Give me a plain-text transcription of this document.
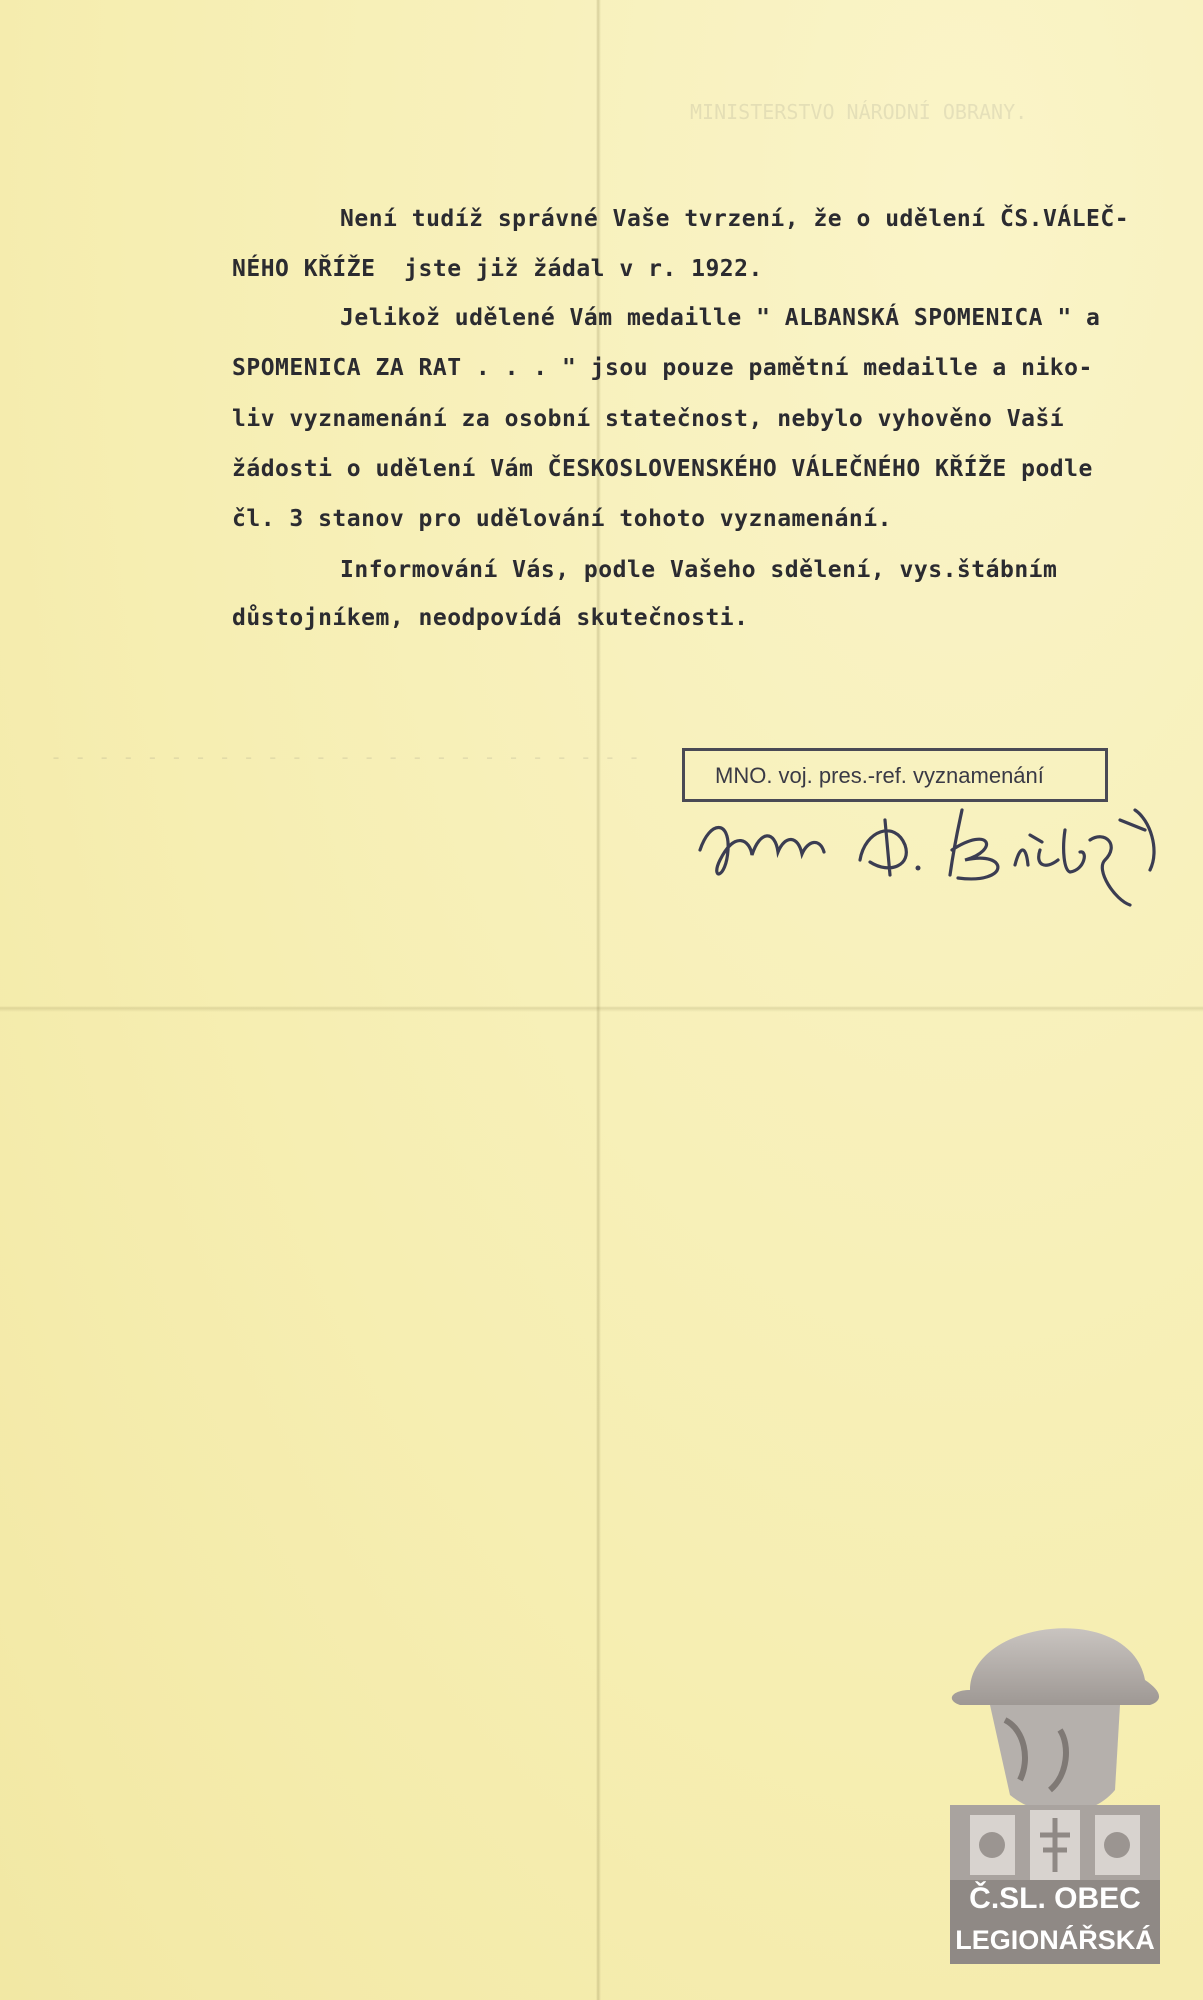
MINISTERSTVO NÁRODNÍ OBRANY.
- - - - - - - - - - - - - - - - - - - - - - - - -

Není tudíž správné Vaše tvrzení, že o udělení ČS.VÁLEČ-

NÉHO KŘÍŽE  jste již žádal v r. 1922.

Jelikož udělené Vám medaille " ALBANSKÁ SPOMENICA " a

SPOMENICA ZA RAT . . . " jsou pouze pamětní medaille a niko-

liv vyznamenání za osobní statečnost, nebylo vyhověno Vaší

žádosti o udělení Vám ČESKOSLOVENSKÉHO VÁLEČNÉHO KŘÍŽE podle

čl. 3 stanov pro udělování tohoto vyznamenání.

Informování Vás, podle Vašeho sdělení, vys.štábním

důstojníkem, neodpovídá skutečnosti.

MNO. voj. pres.-ref. vyznamenání
Č.SL. OBEC
LEGIONÁŘSKÁ
